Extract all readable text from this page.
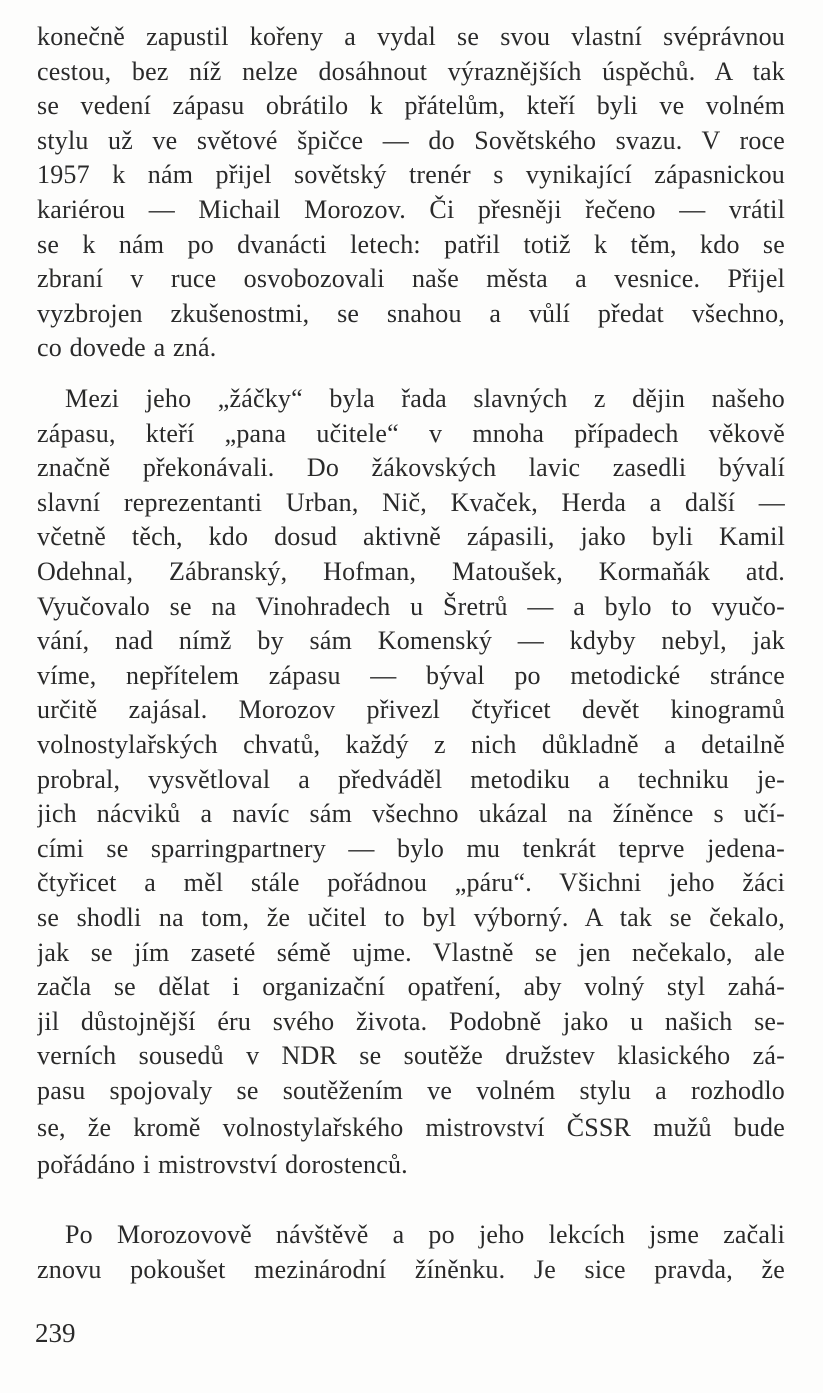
konečně zapustil kořeny a vydal se svou vlastní svéprávnou
cestou, bez níž nelze dosáhnout výraznějších úspěchů. A tak
se vedení zápasu obrátilo k přátelům, kteří byli ve volném
stylu už ve světové špičce — do Sovětského svazu. V roce
1957 k nám přijel sovětský trenér s vynikající zápasnickou
kariérou — Michail Morozov. Či přesněji řečeno — vrátil
se k nám po dvanácti letech: patřil totiž k těm, kdo se
zbraní v ruce osvobozovali naše města a vesnice. Přijel
vyzbrojen zkušenostmi, se snahou a vůlí předat všechno,
co dovede a zná.
Mezi jeho „žáčky“ byla řada slavných z dějin našeho
zápasu, kteří „pana učitele“ v mnoha případech věkově
značně překonávali. Do žákovských lavic zasedli bývalí
slavní reprezentanti Urban, Nič, Kvaček, Herda a další —
včetně těch, kdo dosud aktivně zápasili, jako byli Kamil
Odehnal, Zábranský, Hofman, Matoušek, Kormaňák atd.
Vyučovalo se na Vinohradech u Šretrů — a bylo to vyučo-
vání, nad nímž by sám Komenský — kdyby nebyl, jak
víme, nepřítelem zápasu — býval po metodické stránce
určitě zajásal. Morozov přivezl čtyřicet devět kinogramů
volnostylařských chvatů, každý z nich důkladně a detailně
probral, vysvětloval a předváděl metodiku a techniku je-
jich nácviků a navíc sám všechno ukázal na žíněnce s učí-
cími se sparringpartnery — bylo mu tenkrát teprve jedena-
čtyřicet a měl stále pořádnou „páru“. Všichni jeho žáci
se shodli na tom, že učitel to byl výborný. A tak se čekalo,
jak se jím zaseté sémě ujme. Vlastně se jen nečekalo, ale
začla se dělat i organizační opatření, aby volný styl zahá-
jil důstojnější éru svého života. Podobně jako u našich se-
verních sousedů v NDR se soutěže družstev klasického zá-
pasu spojovaly se soutěžením ve volném stylu a rozhodlo
se, že kromě volnostylařského mistrovství ČSSR mužů bude
pořádáno i mistrovství dorostenců.
Po Morozovově návštěvě a po jeho lekcích jsme začali
znovu pokoušet mezinárodní žíněnku. Je sice pravda, že
239
